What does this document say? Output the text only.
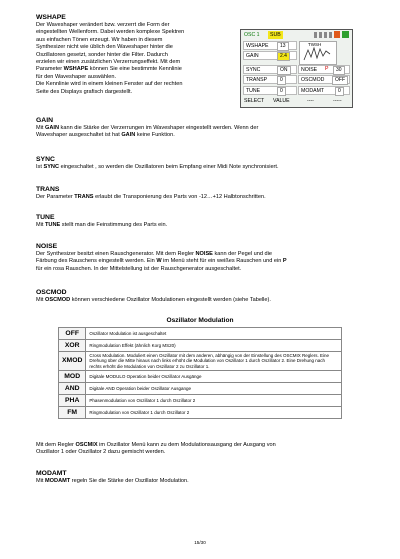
WSHAPE

Der Waveshaper verändert bzw. verzerrt die Form der

eingestellten Wellenform. Dabei werden komplexe Spektren

aus einfachen Tönen erzeugt. Wir haben in diesem

Synthesizer nicht wie üblich den Waveshaper hinter die

Oszillatoren gesetzt, sonder hinter die Filter. Dadurch

erzielen wir einen zusätzlichen Verzerrungseffekt. Mit dem

Parameter WSHAPE können Sie eine bestimmte Kennlinie

für den Waveshaper auswählen.

Die Kennlinie wird in einem kleinen Fenster auf der rechten

Seite des Displays grafisch dargestellt.

OSC 1	SUB
WSHAPE	13
GAIN	2.4
TWSH
SYNC	ON
TRANSP	0
TUNE	0
NOISE	P	30
OSCMOD	OFF
MODAMT	0
SELECT VALUE	----	-----

GAIN

Mit GAIN kann die Stärke der Verzerrungen im Waveshaper eingestellt werden. Wenn der

Waveshaper ausgeschaltet ist hat GAIN keine Funktion.

SYNC

Ist SYNC eingeschaltet , so werden die Oszillatoren beim Empfang einer Midi Note synchronisiert.

TRANS

Der Parameter TRANS erlaubt die Transponierung des Parts von -12…+12 Halbtonschritten.

TUNE

Mit TUNE stellt man die Feinstimmung des Parts ein.

NOISE

Der Synthesizer besitzt einen Rauschgenerator. Mit dem Regler NOISE kann der Pegel und die

Färbung des Rauschens eingestellt werden. Ein W im Menü steht für ein weißes Rauschen und ein P

für ein rosa Rauschen. In der Mittelstellung ist der Rauschgenerator ausgeschaltet.

OSCMOD

Mit OSCMOD können verschiedene Oszillator Modulationen eingestellt werden (siehe Tabelle).

Oszillator Modulation
OFF	Oszillator Modulation ist ausgeschaltet
XOR	Ringmodulation Effekt (ähnlich Korg MS20)
XMOD	Cross Modulation. Moduliert einen Oszillator mit dem anderen, abhängig von der Einstellung des OSCMIX Reglers. Eine Drehung über die Mitte hinaus nach links erhöht die Modulation von Oszillator 1 durch Oszillator 2. Eine Drehung nach rechts erhöht die Modulation von Oszillator 2 zu Oszillator 1.
MOD	Digitale MODULO Operation beider Oszillator Ausgänge
AND	Digitale AND Operation beider Oszillator Ausgange
PHA	Phasenmodulation von Oszillator 1 durch Oszillator 2
FM	Ringmodulation von Oszillator 1 durch Oszillator 2

Mit dem Regler OSCMIX im Oszillator Menü kann zu dem Modulationsausgang der Ausgang von

Oszillator 1 oder Oszillator 2 dazu gemischt werden.

MODAMT

Mit MODAMT regeln Sie die Stärke der Oszillator Modulation.

15/30
